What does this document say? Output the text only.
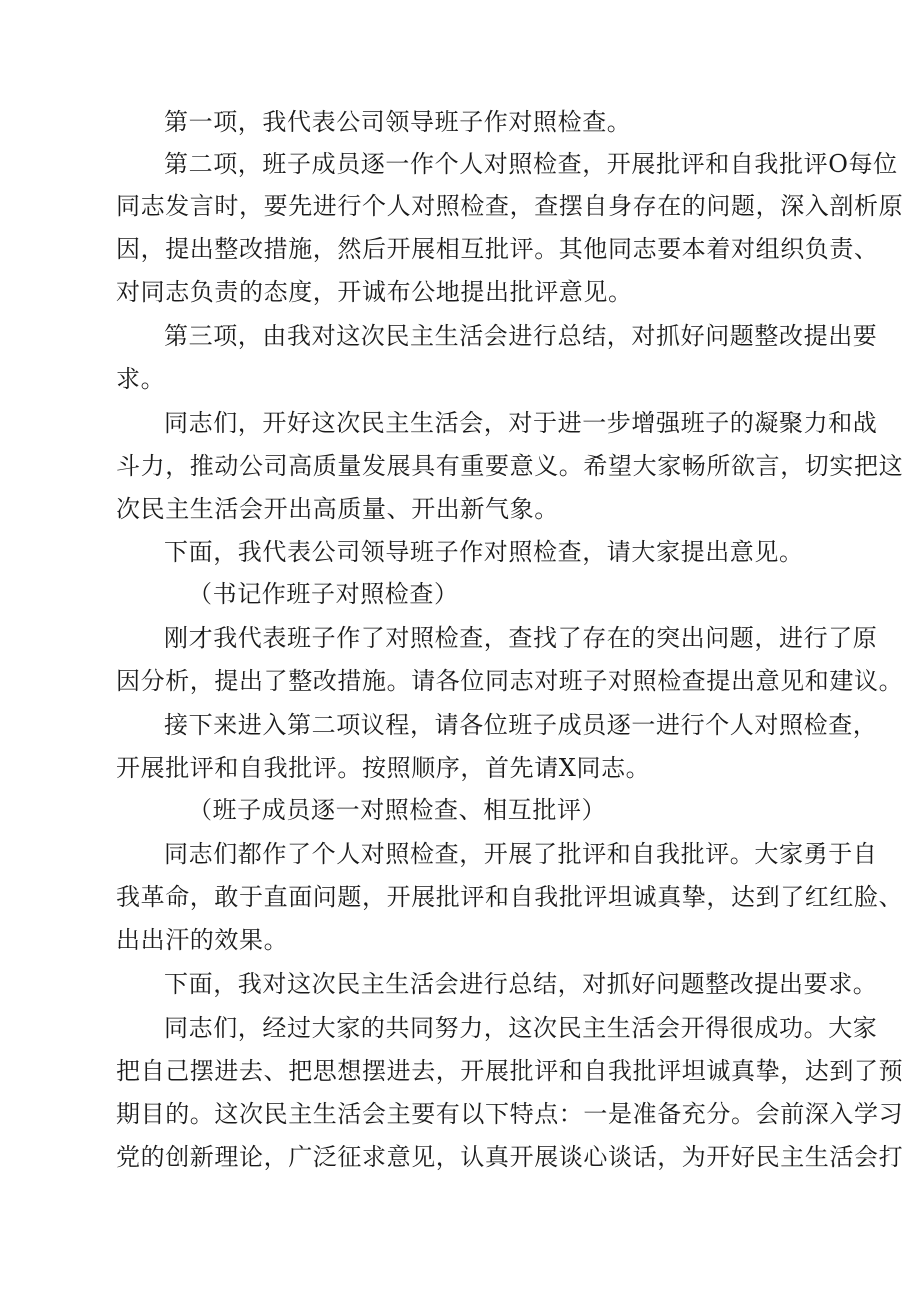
第一项，我代表公司领导班子作对照检查。
第二项，班子成员逐一作个人对照检查，开展批评和自我批评O每位
同志发言时，要先进行个人对照检查，查摆自身存在的问题，深入剖析原
因，提出整改措施，然后开展相互批评。其他同志要本着对组织负责、
对同志负责的态度，开诚布公地提出批评意见。
第三项，由我对这次民主生活会进行总结，对抓好问题整改提出要
求。
同志们，开好这次民主生活会，对于进一步增强班子的凝聚力和战
斗力，推动公司高质量发展具有重要意义。希望大家畅所欲言，切实把这
次民主生活会开出高质量、开出新气象。
下面，我代表公司领导班子作对照检查，请大家提出意见。
（书记作班子对照检查）
刚才我代表班子作了对照检查，查找了存在的突出问题，进行了原
因分析，提出了整改措施。请各位同志对班子对照检查提出意见和建议。
接下来进入第二项议程，请各位班子成员逐一进行个人对照检查，
开展批评和自我批评。按照顺序，首先请X同志。
（班子成员逐一对照检查、相互批评）
同志们都作了个人对照检查，开展了批评和自我批评。大家勇于自
我革命，敢于直面问题，开展批评和自我批评坦诚真挚，达到了红红脸、
出出汗的效果。
下面，我对这次民主生活会进行总结，对抓好问题整改提出要求。
同志们，经过大家的共同努力，这次民主生活会开得很成功。大家
把自己摆进去、把思想摆进去，开展批评和自我批评坦诚真挚，达到了预
期目的。这次民主生活会主要有以下特点：一是准备充分。会前深入学习
党的创新理论，广泛征求意见，认真开展谈心谈话，为开好民主生活会打
